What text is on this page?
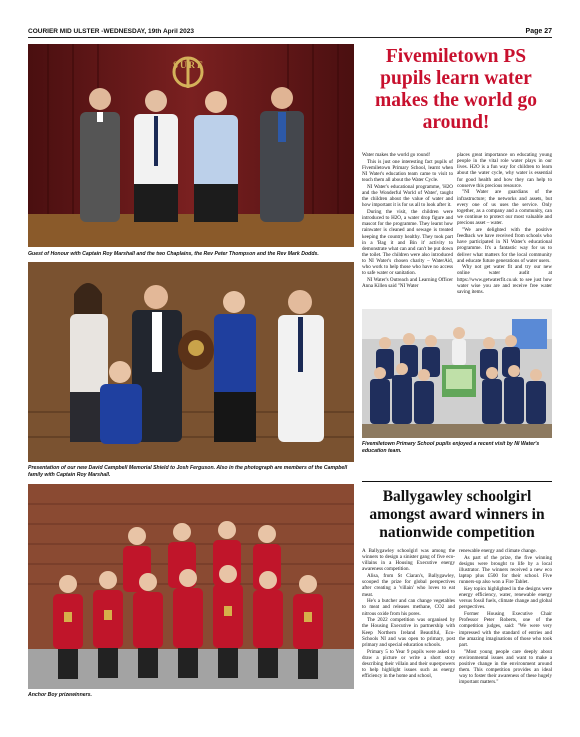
COURIER MID ULSTER -WEDNESDAY, 19th April 2023	Page 27
SURE
Guest of Honour with Captain Roy Marshall and the two Chaplains, the Rev Peter Thompson and the Rev Mark Dodds.
Presentation of our new David Campbell Memorial Shield to Josh Ferguson. Also in the photograph are members of the Campbell family with Captain Roy Marshall.
Anchor Boy prizewinners.
Fivemiletown PS pupils learn water makes the world go around!

Water makes the world go round!

This is just one interesting fact pupils of Fivemiletown Primary School, learnt when NI Water's education team came to visit to teach them all about the Water Cycle.

NI Water's educational programme, 'H2O and the Wonderful World of Water', taught the children about the value of water and how important it is for us all to look after it.

During the visit, the children were introduced to H2O, a water drop figure and mascot for the programme. They learnt how rainwater is cleaned and sewage is treated keeping the country healthy. They took part in a 'Bag it and Bin it' activity to demonstrate what can and can't be put down the toilet. The children were also introduced to NI Water's chosen charity – WaterAid, who work to help those who have no access to safe water or sanitation.

NI Water's Outreach and Learning Officer Anna Killen said "NI Water

places great importance on educating young people in the vital role water plays in our lives. H2O is a fun way for children to learn about the water cycle, why water is essential for good health and how they can help to conserve this precious resource.

"NI Water are guardians of the infrastructure; the networks and assets, but every one of us uses the service. Only together, as a company and a community, can we continue to protect our most valuable and precious asset – water.

"We are delighted with the positive feedback we have received from schools who have participated in NI Water's educational programme. It's a fantastic way for us to deliver what matters for the local community and educate future generations of water users.

Why not get water fit and try our new online water audit at https://www.getwaterfit.co.uk to see just how water wise you are and receive free water saving items.

Fivemiletown Primary School pupils enjoyed a recent visit by NI Water's education team.
Ballygawley schoolgirl amongst award winners in nationwide competition

A Ballygawley schoolgirl was among the winners to design a sinister gang of five eco-villains in a Housing Executive energy awareness competition.

Alisa, from St Ciaran's, Ballygawley, scooped the prize for global perspectives after creating a 'villain' who loves to eat meat.

He's a butcher and can change vegetables to meat and releases methane, CO2 and nitrous oxide from his pores.

The 2022 competition was organised by the Housing Executive in partnership with Keep Northern Ireland Beautiful, Eco-Schools NI and was open to primary, post primary and special education schools.

Primary 5 to Year 9 pupils were asked to draw a picture or write a short story describing their villain and their superpowers to help highlight issues such as energy efficiency in the home and school,

renewable energy and climate change.

As part of the prize, the five winning designs were brought to life by a local illustrator. The winners received a new eco laptop plus £500 for their school. Five runners-up also won a Fire Tablet.

Key topics highlighted in the designs were energy efficiency, water, renewable energy versus fossil fuels, climate change and global perspectives.

Former Housing Executive Chair Professor Peter Roberts, one of the competition judges, said: "We were very impressed with the standard of entries and the amazing imaginations of those who took part.

"Most young people care deeply about environmental issues and want to make a positive change in the environment around them. This competition provides an ideal way to foster their awareness of these hugely important matters."
